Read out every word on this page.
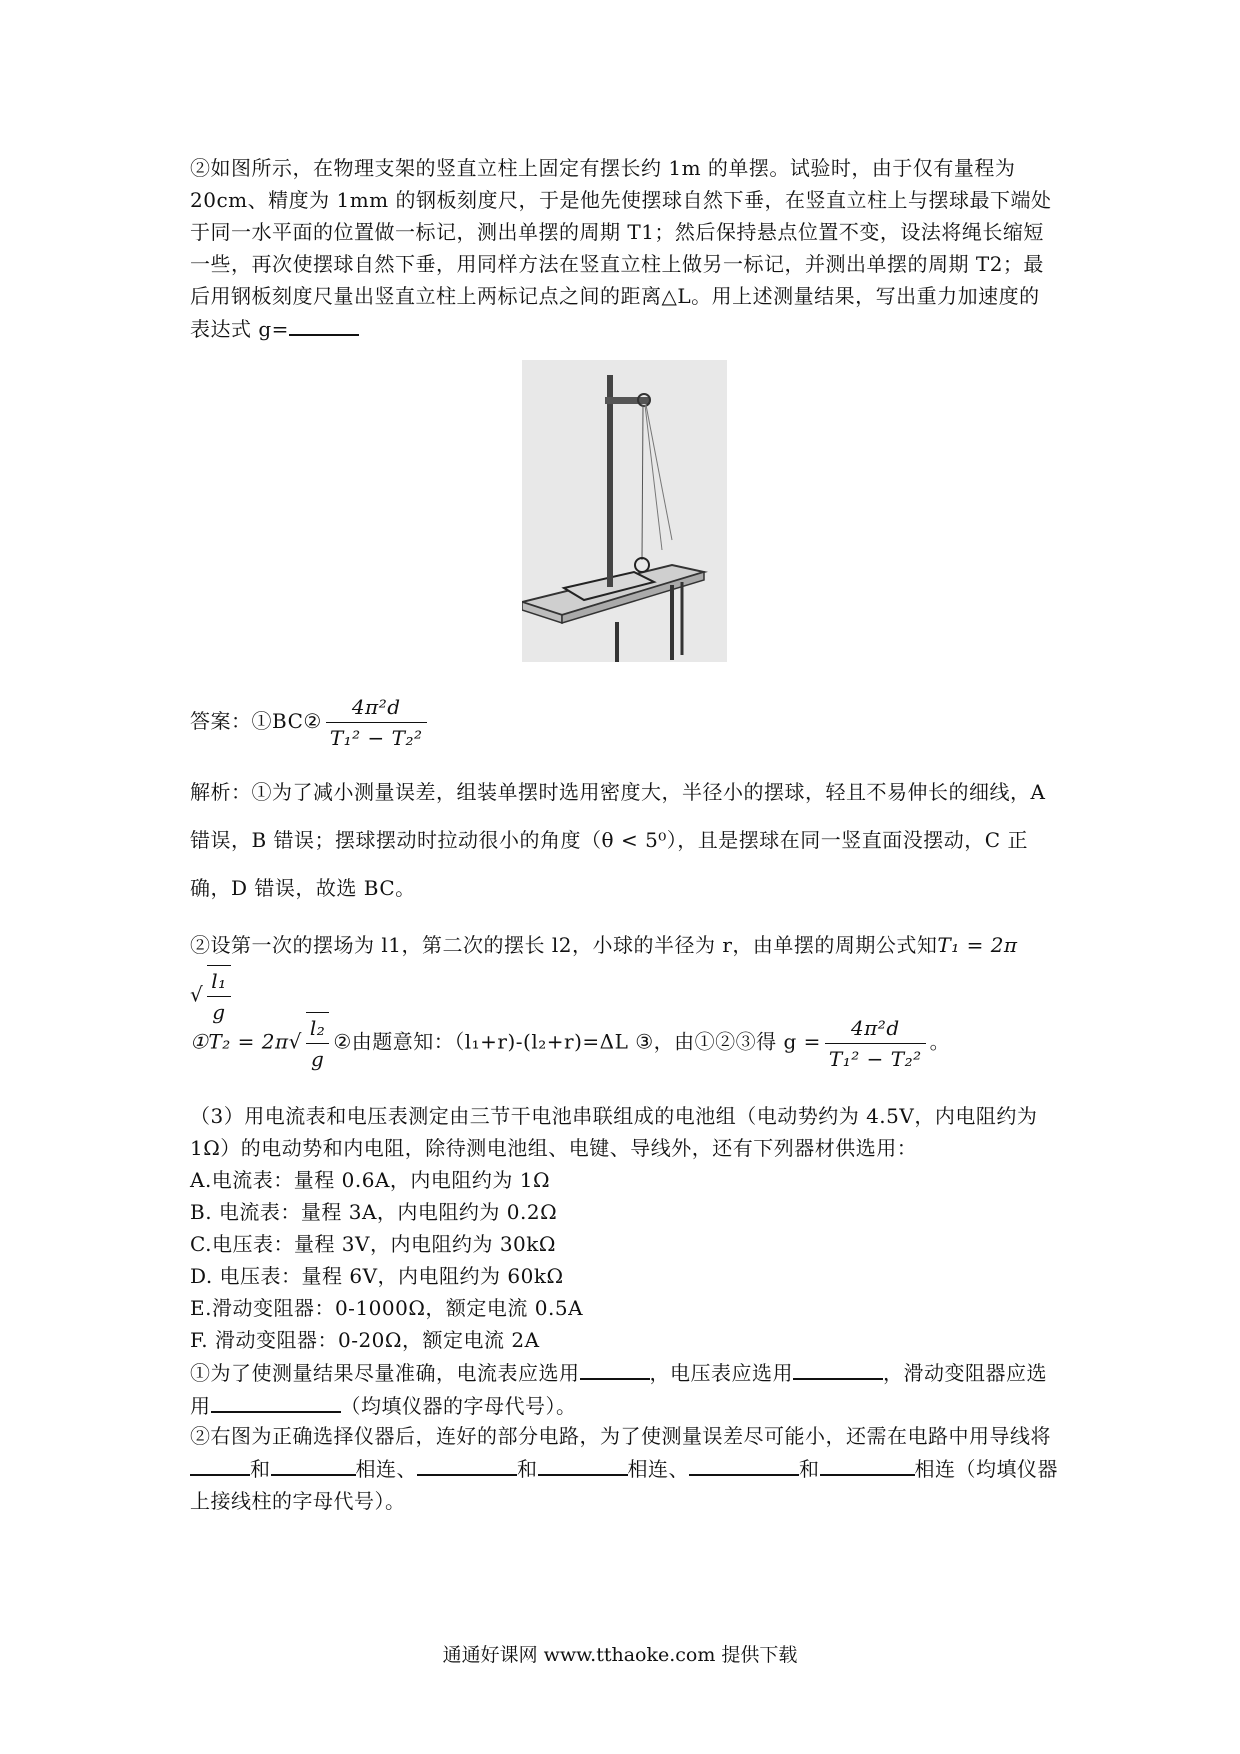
②如图所示，在物理支架的竖直立柱上固定有摆长约 1m 的单摆。试验时，由于仅有量程为 20cm、精度为 1mm 的钢板刻度尺，于是他先使摆球自然下垂，在竖直立柱上与摆球最下端处于同一水平面的位置做一标记，测出单摆的周期 T1；然后保持悬点位置不变，设法将绳长缩短一些，再次使摆球自然下垂，用同样方法在竖直立柱上做另一标记，并测出单摆的周期 T2；最后用钢板刻度尺量出竖直立柱上两标记点之间的距离△L。用上述测量结果，写出重力加速度的表达式 g=
答案：①BC② $\frac{\text{4π²d}}{\text{T₁² − T₂²}}$
解析：①为了减小测量误差，组装单摆时选用密度大，半径小的摆球，轻且不易伸长的细线，A 错误，B 错误；摆球摆动时拉动很小的角度（θ < 5⁰），且是摆球在同一竖直面没摆动，C 正确，D 错误，故选 BC。
②设第一次的摆场为 l1，第二次的摆长 l2，小球的半径为 r，由单摆的周期公式知$T_1 = 2\pi√ \frac{\text{l₁}}{g}$
①T₂ = $2\pi√ \frac{\text{l₂}}{g}$ ②由题意知：（l₁+r)-(l₂+r)=ΔL ③，由①②③得 $g = \frac{\text{4π²d}}{\text{T₁² − T₂²}}$ 。
（3）用电流表和电压表测定由三节干电池串联组成的电池组（电动势约为 4.5V，内电阻约为 1Ω）的电动势和内电阻，除待测电池组、电键、导线外，还有下列器材供选用：
A.电流表：量程 0.6A，内电阻约为 1Ω
B. 电流表：量程 3A，内电阻约为 0.2Ω
C.电压表：量程 3V，内电阻约为 30kΩ
D. 电压表：量程 6V，内电阻约为 60kΩ
E.滑动变阻器：0-1000Ω，额定电流 0.5A
F. 滑动变阻器：0-20Ω，额定电流 2A
①为了使测量结果尽量准确，电流表应选用	，电压表应选用	，滑动变阻器应选用	（均填仪器的字母代号）。
②右图为正确选择仪器后，连好的部分电路，为了使测量误差尽可能小，还需在电路中用导线将和	相连、	和	相连、	和	相连（均填仪器上接线柱的字母代号）。
通通好课网 www.tthaoke.com 提供下载
